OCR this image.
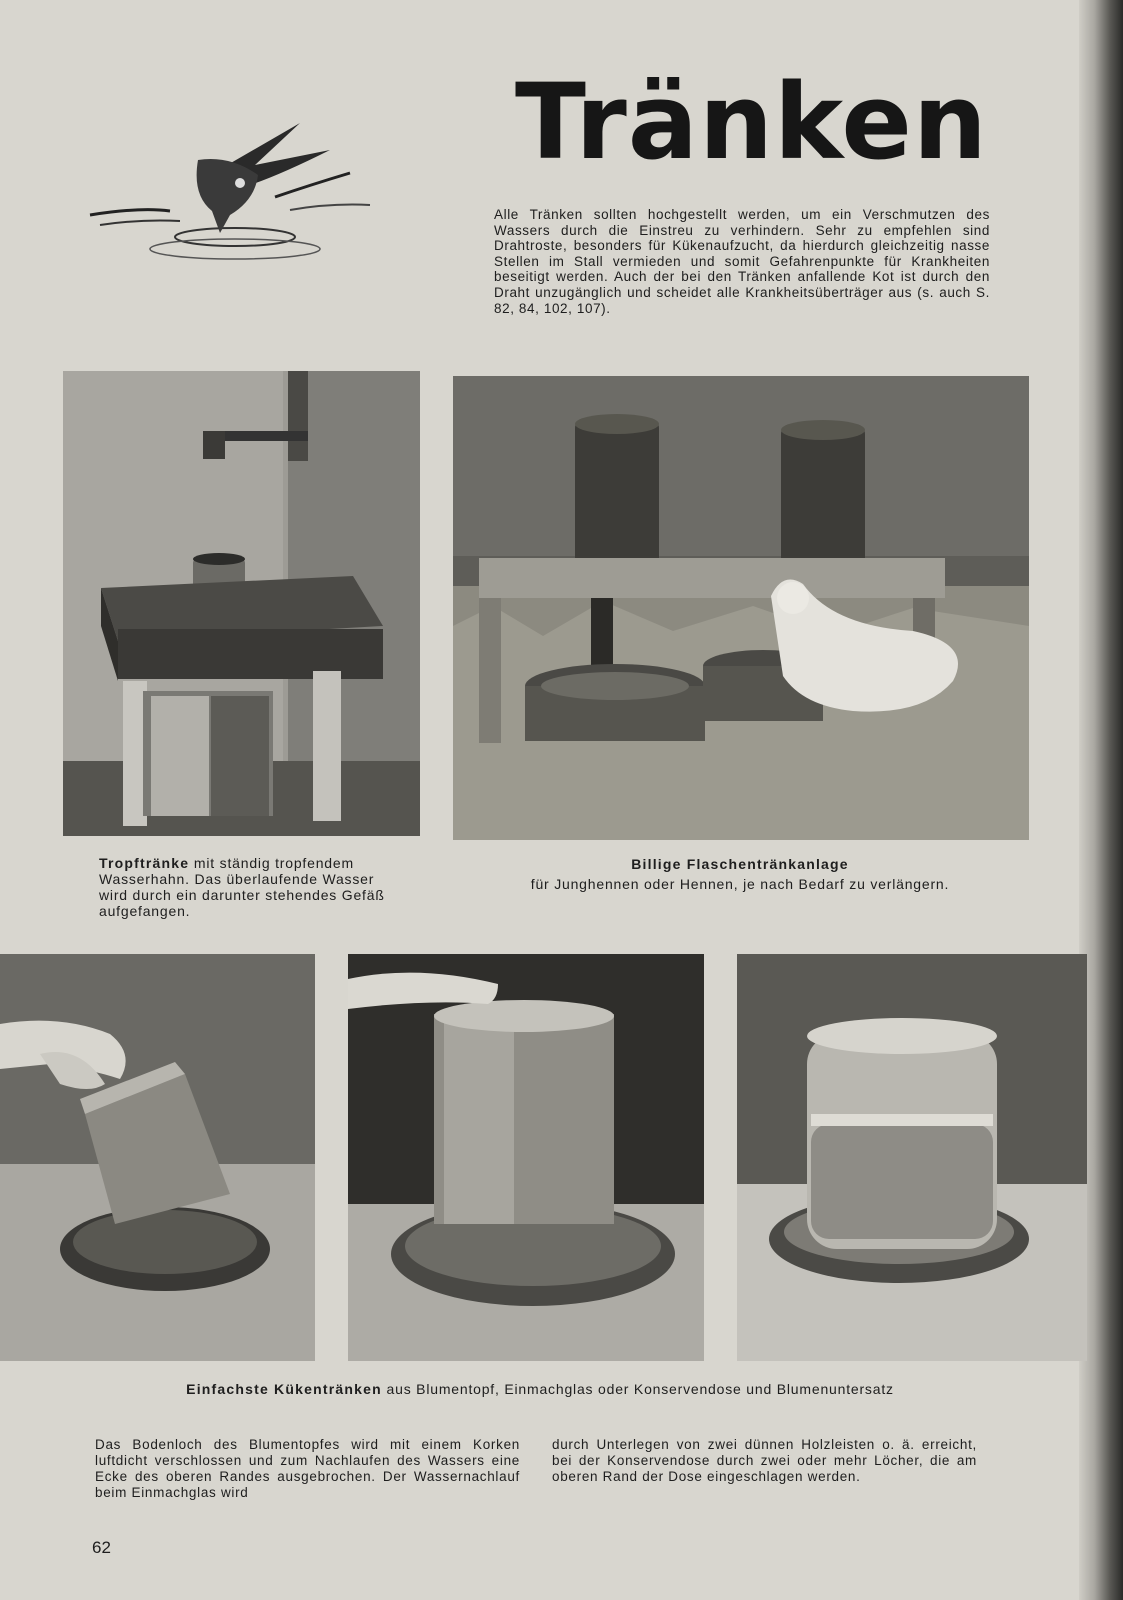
Tränken
Alle Tränken sollten hochgestellt werden, um ein Verschmutzen des Wassers durch die Einstreu zu verhindern. Sehr zu empfehlen sind Drahtroste, besonders für Kükenaufzucht, da hierdurch gleichzeitig nasse Stellen im Stall vermieden und somit Gefahrenpunkte für Krankheiten beseitigt werden. Auch der bei den Tränken anfallende Kot ist durch den Draht unzugänglich und scheidet alle Krankheitsüberträger aus (s. auch S. 82, 84, 102, 107).
Tropftränke mit ständig tropfendem Wasserhahn. Das überlaufende Wasser wird durch ein darunter stehendes Gefäß aufgefangen.
Billige Flaschentränkanlage
für Junghennen oder Hennen, je nach Bedarf zu verlängern.
Einfachste Kükentränken aus Blumentopf, Einmachglas oder Konservendose und Blumenuntersatz
Das Bodenloch des Blumentopfes wird mit einem Korken luftdicht verschlossen und zum Nachlaufen des Wassers eine Ecke des oberen Randes ausgebrochen. Der Wassernachlauf beim Einmachglas wird
durch Unterlegen von zwei dünnen Holzleisten o. ä. erreicht, bei der Konservendose durch zwei oder mehr Löcher, die am oberen Rand der Dose eingeschlagen werden.
62
